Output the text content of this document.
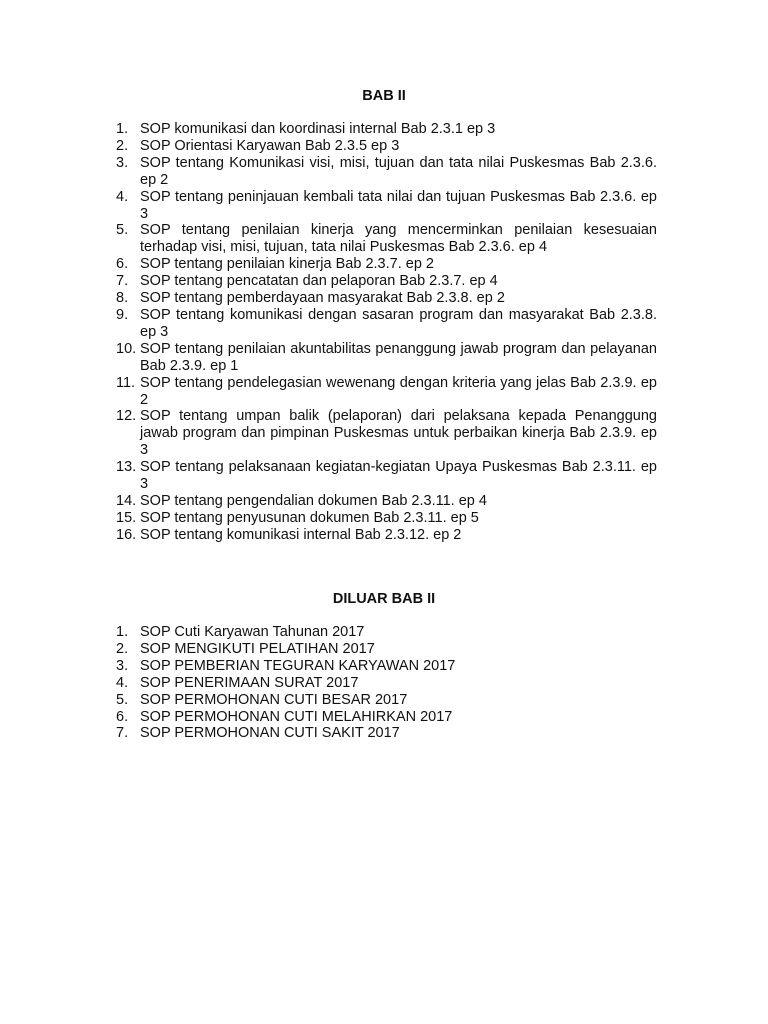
BAB II
1. SOP komunikasi dan koordinasi internal Bab 2.3.1 ep 3
2. SOP Orientasi Karyawan Bab 2.3.5 ep 3
3. SOP tentang Komunikasi visi, misi, tujuan dan tata nilai Puskesmas Bab 2.3.6. ep 2
4. SOP tentang peninjauan kembali tata nilai dan tujuan Puskesmas Bab 2.3.6. ep 3
5. SOP tentang penilaian kinerja yang mencerminkan penilaian kesesuaian terhadap visi, misi, tujuan, tata nilai Puskesmas Bab 2.3.6. ep 4
6. SOP tentang penilaian kinerja Bab 2.3.7. ep 2
7. SOP tentang pencatatan dan pelaporan Bab 2.3.7. ep 4
8. SOP tentang pemberdayaan masyarakat Bab 2.3.8. ep 2
9. SOP tentang komunikasi dengan sasaran program dan masyarakat Bab 2.3.8. ep 3
10. SOP tentang penilaian akuntabilitas penanggung jawab program dan pelayanan Bab 2.3.9. ep 1
11. SOP tentang pendelegasian wewenang dengan kriteria yang jelas Bab 2.3.9. ep 2
12. SOP tentang umpan balik (pelaporan) dari pelaksana kepada Penanggung jawab program dan pimpinan Puskesmas untuk perbaikan kinerja Bab 2.3.9. ep 3
13. SOP tentang pelaksanaan kegiatan-kegiatan Upaya Puskesmas Bab 2.3.11. ep 3
14. SOP tentang pengendalian dokumen Bab 2.3.11. ep 4
15. SOP tentang penyusunan dokumen Bab 2.3.11. ep 5
16. SOP tentang komunikasi internal Bab 2.3.12. ep 2
DILUAR BAB II
1. SOP Cuti Karyawan Tahunan 2017
2. SOP MENGIKUTI PELATIHAN 2017
3. SOP PEMBERIAN TEGURAN KARYAWAN 2017
4. SOP PENERIMAAN SURAT 2017
5. SOP PERMOHONAN CUTI BESAR 2017
6. SOP PERMOHONAN CUTI MELAHIRKAN 2017
7. SOP PERMOHONAN CUTI SAKIT 2017
